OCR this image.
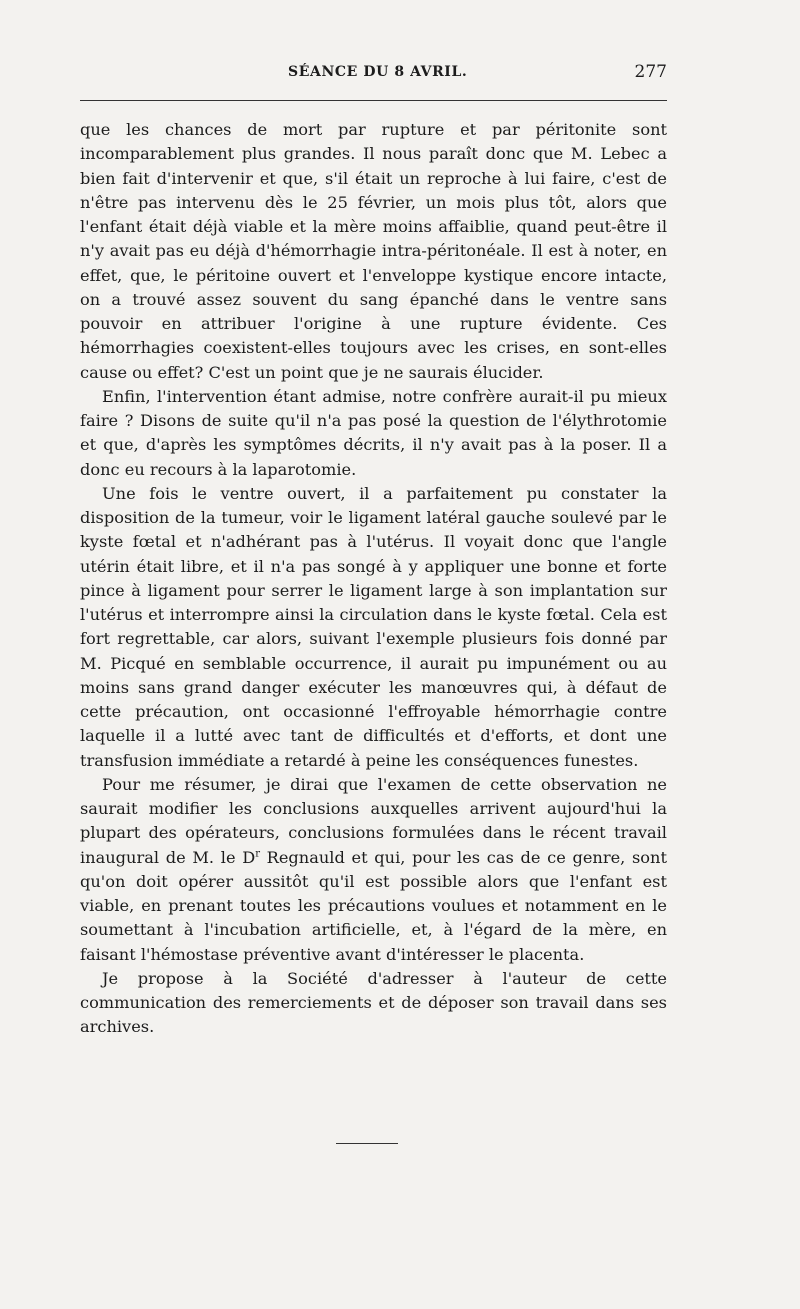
SÉANCE DU 8 AVRIL.	277

que les chances de mort par rupture et par péritonite sont incomparablement plus grandes. Il nous paraît donc que M. Lebec a bien fait d'intervenir et que, s'il était un reproche à lui faire, c'est de n'être pas intervenu dès le 25 février, un mois plus tôt, alors que l'enfant était déjà viable et la mère moins affaiblie, quand peut-être il n'y avait pas eu déjà d'hémorrhagie intra-péritonéale. Il est à noter, en effet, que, le péritoine ouvert et l'enveloppe kystique encore intacte, on a trouvé assez souvent du sang épanché dans le ventre sans pouvoir en attribuer l'origine à une rupture évidente. Ces hémorrhagies coexistent-elles toujours avec les crises, en sont-elles cause ou effet? C'est un point que je ne saurais élucider.

Enfin, l'intervention étant admise, notre confrère aurait-il pu mieux faire ? Disons de suite qu'il n'a pas posé la question de l'élythrotomie et que, d'après les symptômes décrits, il n'y avait pas à la poser. Il a donc eu recours à la laparotomie.

Une fois le ventre ouvert, il a parfaitement pu constater la disposition de la tumeur, voir le ligament latéral gauche soulevé par le kyste fœtal et n'adhérant pas à l'utérus. Il voyait donc que l'angle utérin était libre, et il n'a pas songé à y appliquer une bonne et forte pince à ligament pour serrer le ligament large à son implantation sur l'utérus et interrompre ainsi la circulation dans le kyste fœtal. Cela est fort regrettable, car alors, suivant l'exemple plusieurs fois donné par M. Picqué en semblable occurrence, il aurait pu impunément ou au moins sans grand danger exécuter les manœuvres qui, à défaut de cette précaution, ont occasionné l'effroyable hémorrhagie contre laquelle il a lutté avec tant de difficultés et d'efforts, et dont une transfusion immédiate a retardé à peine les conséquences funestes.

Pour me résumer, je dirai que l'examen de cette observation ne saurait modifier les conclusions auxquelles arrivent aujourd'hui la plupart des opérateurs, conclusions formulées dans le récent travail inaugural de M. le $D^r$ Regnauld et qui, pour les cas de ce genre, sont qu'on doit opérer aussitôt qu'il est possible alors que l'enfant est viable, en prenant toutes les précautions voulues et notamment en le soumettant à l'incubation artificielle, et, à l'égard de la mère, en faisant l'hémostase préventive avant d'intéresser le placenta.

Je propose à la Société d'adresser à l'auteur de cette communication des remerciements et de déposer son travail dans ses archives.
